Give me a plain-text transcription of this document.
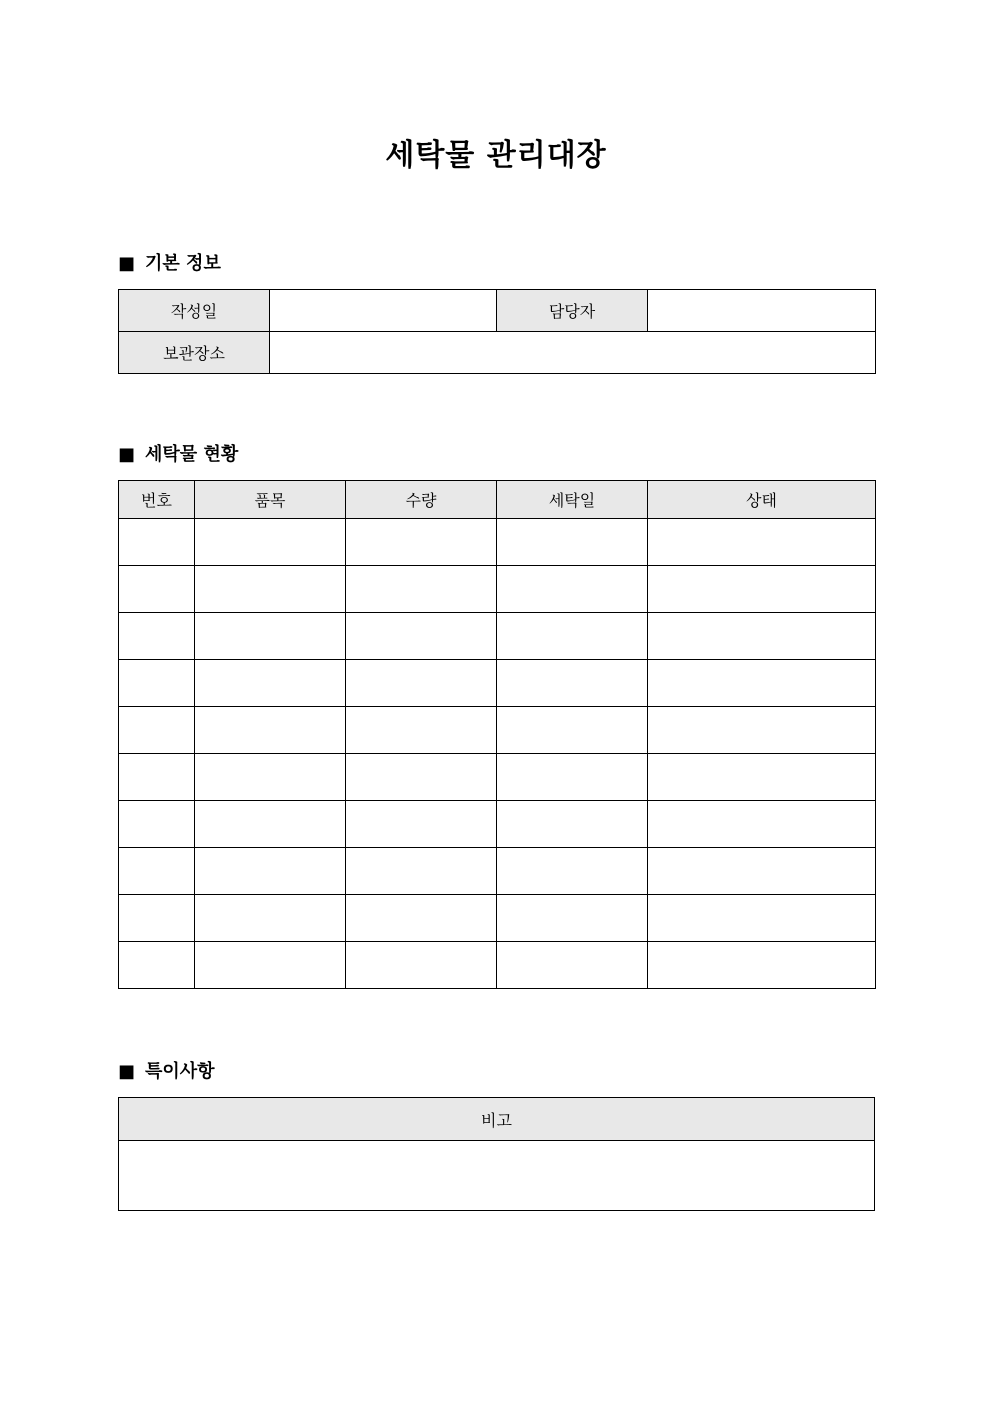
세탁물 관리대장
■ 기본 정보
작성일		담당자	
보관장소			
■ 세탁물 현황
번호	품목	수량	세탁일	상태

■ 특이사항
비고
